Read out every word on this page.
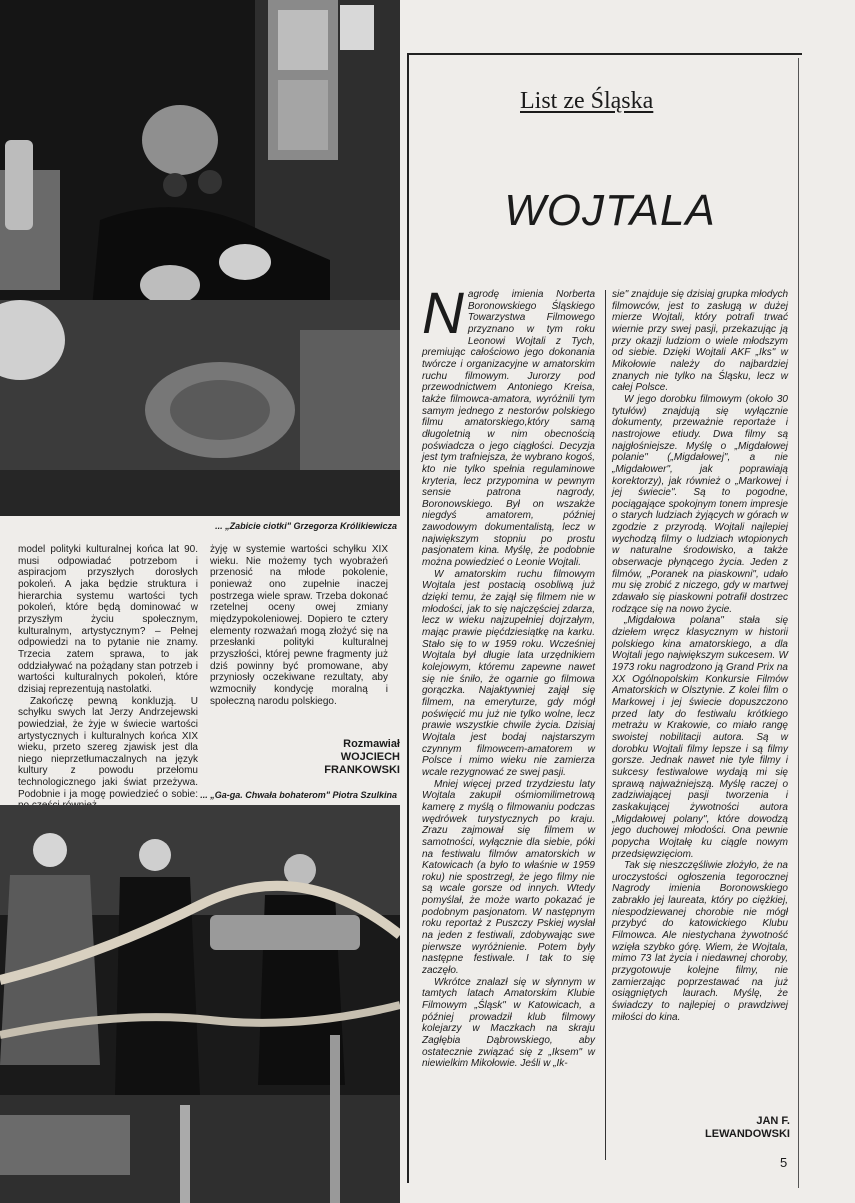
... „Zabicie ciotki" Grzegorza Królikiewicza

model polityki kulturalnej końca lat 90. musi odpowiadać potrzebom i aspiracjom przyszłych dorosłych pokoleń. A jaka będzie struktura i hierarchia systemu wartości tych pokoleń, które będą dominować w przyszłym życiu społecznym, kulturalnym, artystycznym? – Pełnej odpowiedzi na to pytanie nie znamy. Trzecia zatem sprawa, to jak oddziaływać na pożądany stan potrzeb i wartości kulturalnych pokoleń, które dzisiaj reprezentują nastolatki.

Zakończę pewną konkluzją. U schyłku swych lat Jerzy Andrzejewski powiedział, że żyje w świecie wartości artystycznych i kulturalnych końca XIX wieku, przeto szereg zjawisk jest dla niego nieprzetłumaczalnych na język kultury z powodu przełomu technologicznego jaki świat przeżywa. Podobnie i ja mogę powiedzieć o sobie:

żyję w systemie wartości schyłku XIX wieku. Nie możemy tych wyobrażeń przenosić na młode pokolenie, ponieważ ono zupełnie inaczej postrzega wiele spraw. Trzeba dokonać rzetelnej oceny owej zmiany międzypokoleniowej. Dopiero te cztery elementy rozważań mogą złożyć się na przesłanki polityki kulturalnej przyszłości, której pewne fragmenty już dziś powinny być promowane, aby przyniosły oczekiwane rezultaty, aby wzmocniły kondycję moralną i społeczną narodu polskiego.

Rozmawiał
WOJCIECH
FRANKOWSKI
... „Ga-ga. Chwała bohaterom" Piotra Szulkina
List ze Śląska
WOJTALA

Nagrodę imienia Norberta Boronowskiego Śląskiego Towarzystwa Filmowego przyznano w tym roku Leonowi Wojtali z Tych, premiując całościowo jego dokonania twórcze i organizacyjne w amatorskim ruchu filmowym. Jurorzy pod przewodnictwem Antoniego Kreisa, także filmowca-amatora, wyróżnili tym samym jednego z nestorów polskiego filmu amatorskiego,który samą długoletnią w nim obecnością poświadcza o jego ciągłości. Decyzja jest tym trafniejsza, że wybrano kogoś, kto nie tylko spełnia regulaminowe kryteria, lecz przypomina w pewnym sensie patrona nagrody, Boronowskiego. Był on wszakże niegdyś amatorem, później zawodowym dokumentalistą, lecz w największym stopniu po prostu pasjonatem kina. Myślę, że podobnie można powiedzieć o Leonie Wojtali.

W amatorskim ruchu filmowym Wojtala jest postacią osobliwą już dzięki temu, że zajął się filmem nie w młodości, jak to się najczęściej zdarza, lecz w wieku najzupełniej dojrzałym, mając prawie pięćdziesiątkę na karku. Stało się to w 1959 roku. Wcześniej Wojtala był długie lata urzędnikiem kolejowym, któremu zapewne nawet się nie śniło, że ogarnie go filmowa gorączka. Najaktywniej zajął się filmem, na emeryturze, gdy mógł poświęcić mu już nie tylko wolne, lecz prawie wszystkie chwile życia. Dzisiaj Wojtala jest bodaj najstarszym czynnym filmowcem-amatorem w Polsce i mimo wieku nie zamierza wcale rezygnować ze swej pasji.

Mniej więcej przed trzydziestu laty Wojtala zakupił ośmiomilimetrową kamerę z myślą o filmowaniu podczas wędrówek turystycznych po kraju. Zrazu zajmował się filmem w samotności, wyłącznie dla siebie, póki na festiwalu filmów amatorskich w Katowicach (a było to właśnie w 1959 roku) nie spostrzegł, że jego filmy nie są wcale gorsze od innych. Wtedy pomyślał, że może warto pokazać je podobnym pasjonatom. W następnym roku reportaż z Puszczy Pskiej wysłał na jeden z festiwali, zdobywając swe pierwsze wyróżnienie. Potem były następne festiwale. I tak to się zaczęło.

Wkrótce znalazł się w słynnym w tamtych latach Amatorskim Klubie Filmowym „Śląsk" w Katowicach, a później prowadził klub filmowy kolejarzy w Maczkach na skraju Zagłębia Dąbrowskiego, aby ostatecznie związać się z „Iksem" w niewielkim Mikołowie. Jeśli w „Ik-

sie" znajduje się dzisiaj grupka młodych filmowców, jest to zasługą w dużej mierze Wojtali, który potrafi trwać wiernie przy swej pasji, przekazując ją przy okazji ludziom o wiele młodszym od siebie. Dzięki Wojtali AKF „Iks" w Mikołowie należy do najbardziej znanych nie tylko na Śląsku, lecz w całej Polsce.

W jego dorobku filmowym (około 30 tytułów) znajdują się wyłącznie dokumenty, przeważnie reportaże i nastrojowe etiudy. Dwa filmy są najgłośniejsze. Myślę o „Migdałowej polanie" („Migdałowej", a nie „Migdałower", jak poprawiają korektorzy), jak również o „Markowej i jej świecie". Są to pogodne, pociągające spokojnym tonem impresje o starych ludziach żyjących w górach w zgodzie z przyrodą. Wojtali najlepiej wychodzą filmy o ludziach wtopionych w naturalne środowisko, a także obserwacje płynącego życia. Jeden z filmów, „Poranek na piaskowni", udało mu się zrobić z niczego, gdy w martwej zdawało się piaskowni potrafił dostrzec rodzące się na nowo życie.

„Migdałowa polana" stała się dziełem wręcz klasycznym w historii polskiego kina amatorskiego, a dla Wojtali jego największym sukcesem. W 1973 roku nagrodzono ją Grand Prix na XX Ogólnopolskim Konkursie Filmów Amatorskich w Olsztynie. Z kolei film o Markowej i jej świecie dopuszczono przed laty do festiwalu krótkiego metrażu w Krakowie, co miało rangę swoistej nobilitacji autora. Są w dorobku Wojtali filmy lepsze i są filmy gorsze. Jednak nawet nie tyle filmy i sukcesy festiwalowe wydają mi się sprawą najważniejszą. Myślę raczej o zadziwiającej pasji tworzenia i zaskakującej żywotności autora „Migdałowej polany", które dowodzą jego duchowej młodości. Ona pewnie popycha Wojtałę ku ciągle nowym przedsięwzięciom.

Tak się nieszczęśliwie złożyło, że na uroczystości ogłoszenia tegorocznej Nagrody imienia Boronowskiego zabrakło jej laureata, który po ciężkiej, niespodziewanej chorobie nie mógł przybyć do katowickiego Klubu Filmowca. Ale niestychana żywotność wzięła szybko górę. Wiem, że Wojtala, mimo 73 lat życia i niedawnej choroby, przygotowuje kolejne filmy, nie zamierzając poprzestawać na już osiągniętych laurach. Myślę, że świadczy to najlepiej o prawdziwej miłości do kina.

JAN F.
LEWANDOWSKI
5
